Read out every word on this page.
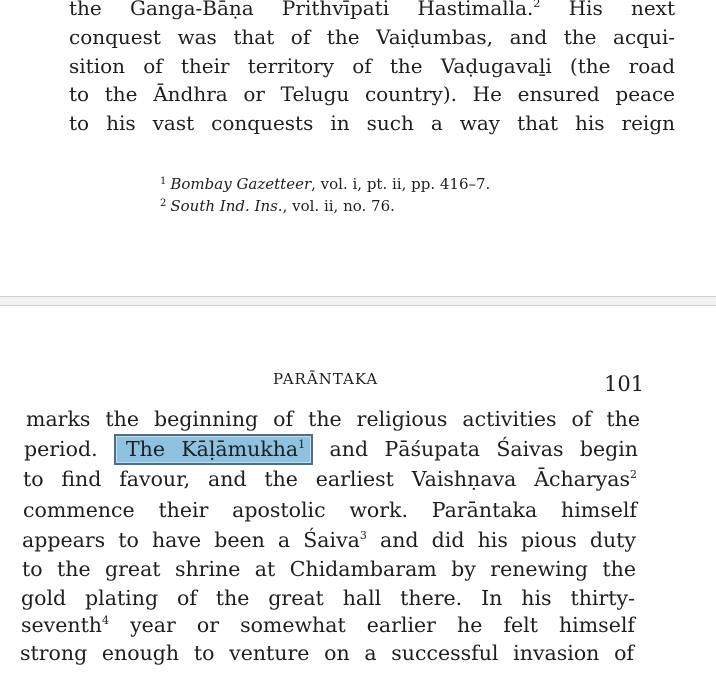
the Ganga-Bāṇa Prithvīpati Hastimalla.$^2$ His next
conquest was that of the Vaiḍumbas, and the acqui-
sition of their territory of the Vaḍugavaḻi (the road
to the Āndhra or Telugu country). He ensured peace
to his vast conquests in such a way that his reign
$^1$ Bombay Gazetteer, vol. i, pt. ii, pp. 416–7.
$^2$ South Ind. Ins., vol. ii, no. 76.
PARĀNTAKA	101
marks the beginning of the religious activities of the
period. The Kāḷāmukha$^1$ and Pāśupata Śaivas begin
to find favour, and the earliest Vaishṇava Ācharyas$^2$
commence their apostolic work. Parāntaka himself
appears to have been a Śaiva$^3$ and did his pious duty
to the great shrine at Chidambaram by renewing the
gold plating of the great hall there. In his thirty-
seventh$^4$ year or somewhat earlier he felt himself
strong enough to venture on a successful invasion of
